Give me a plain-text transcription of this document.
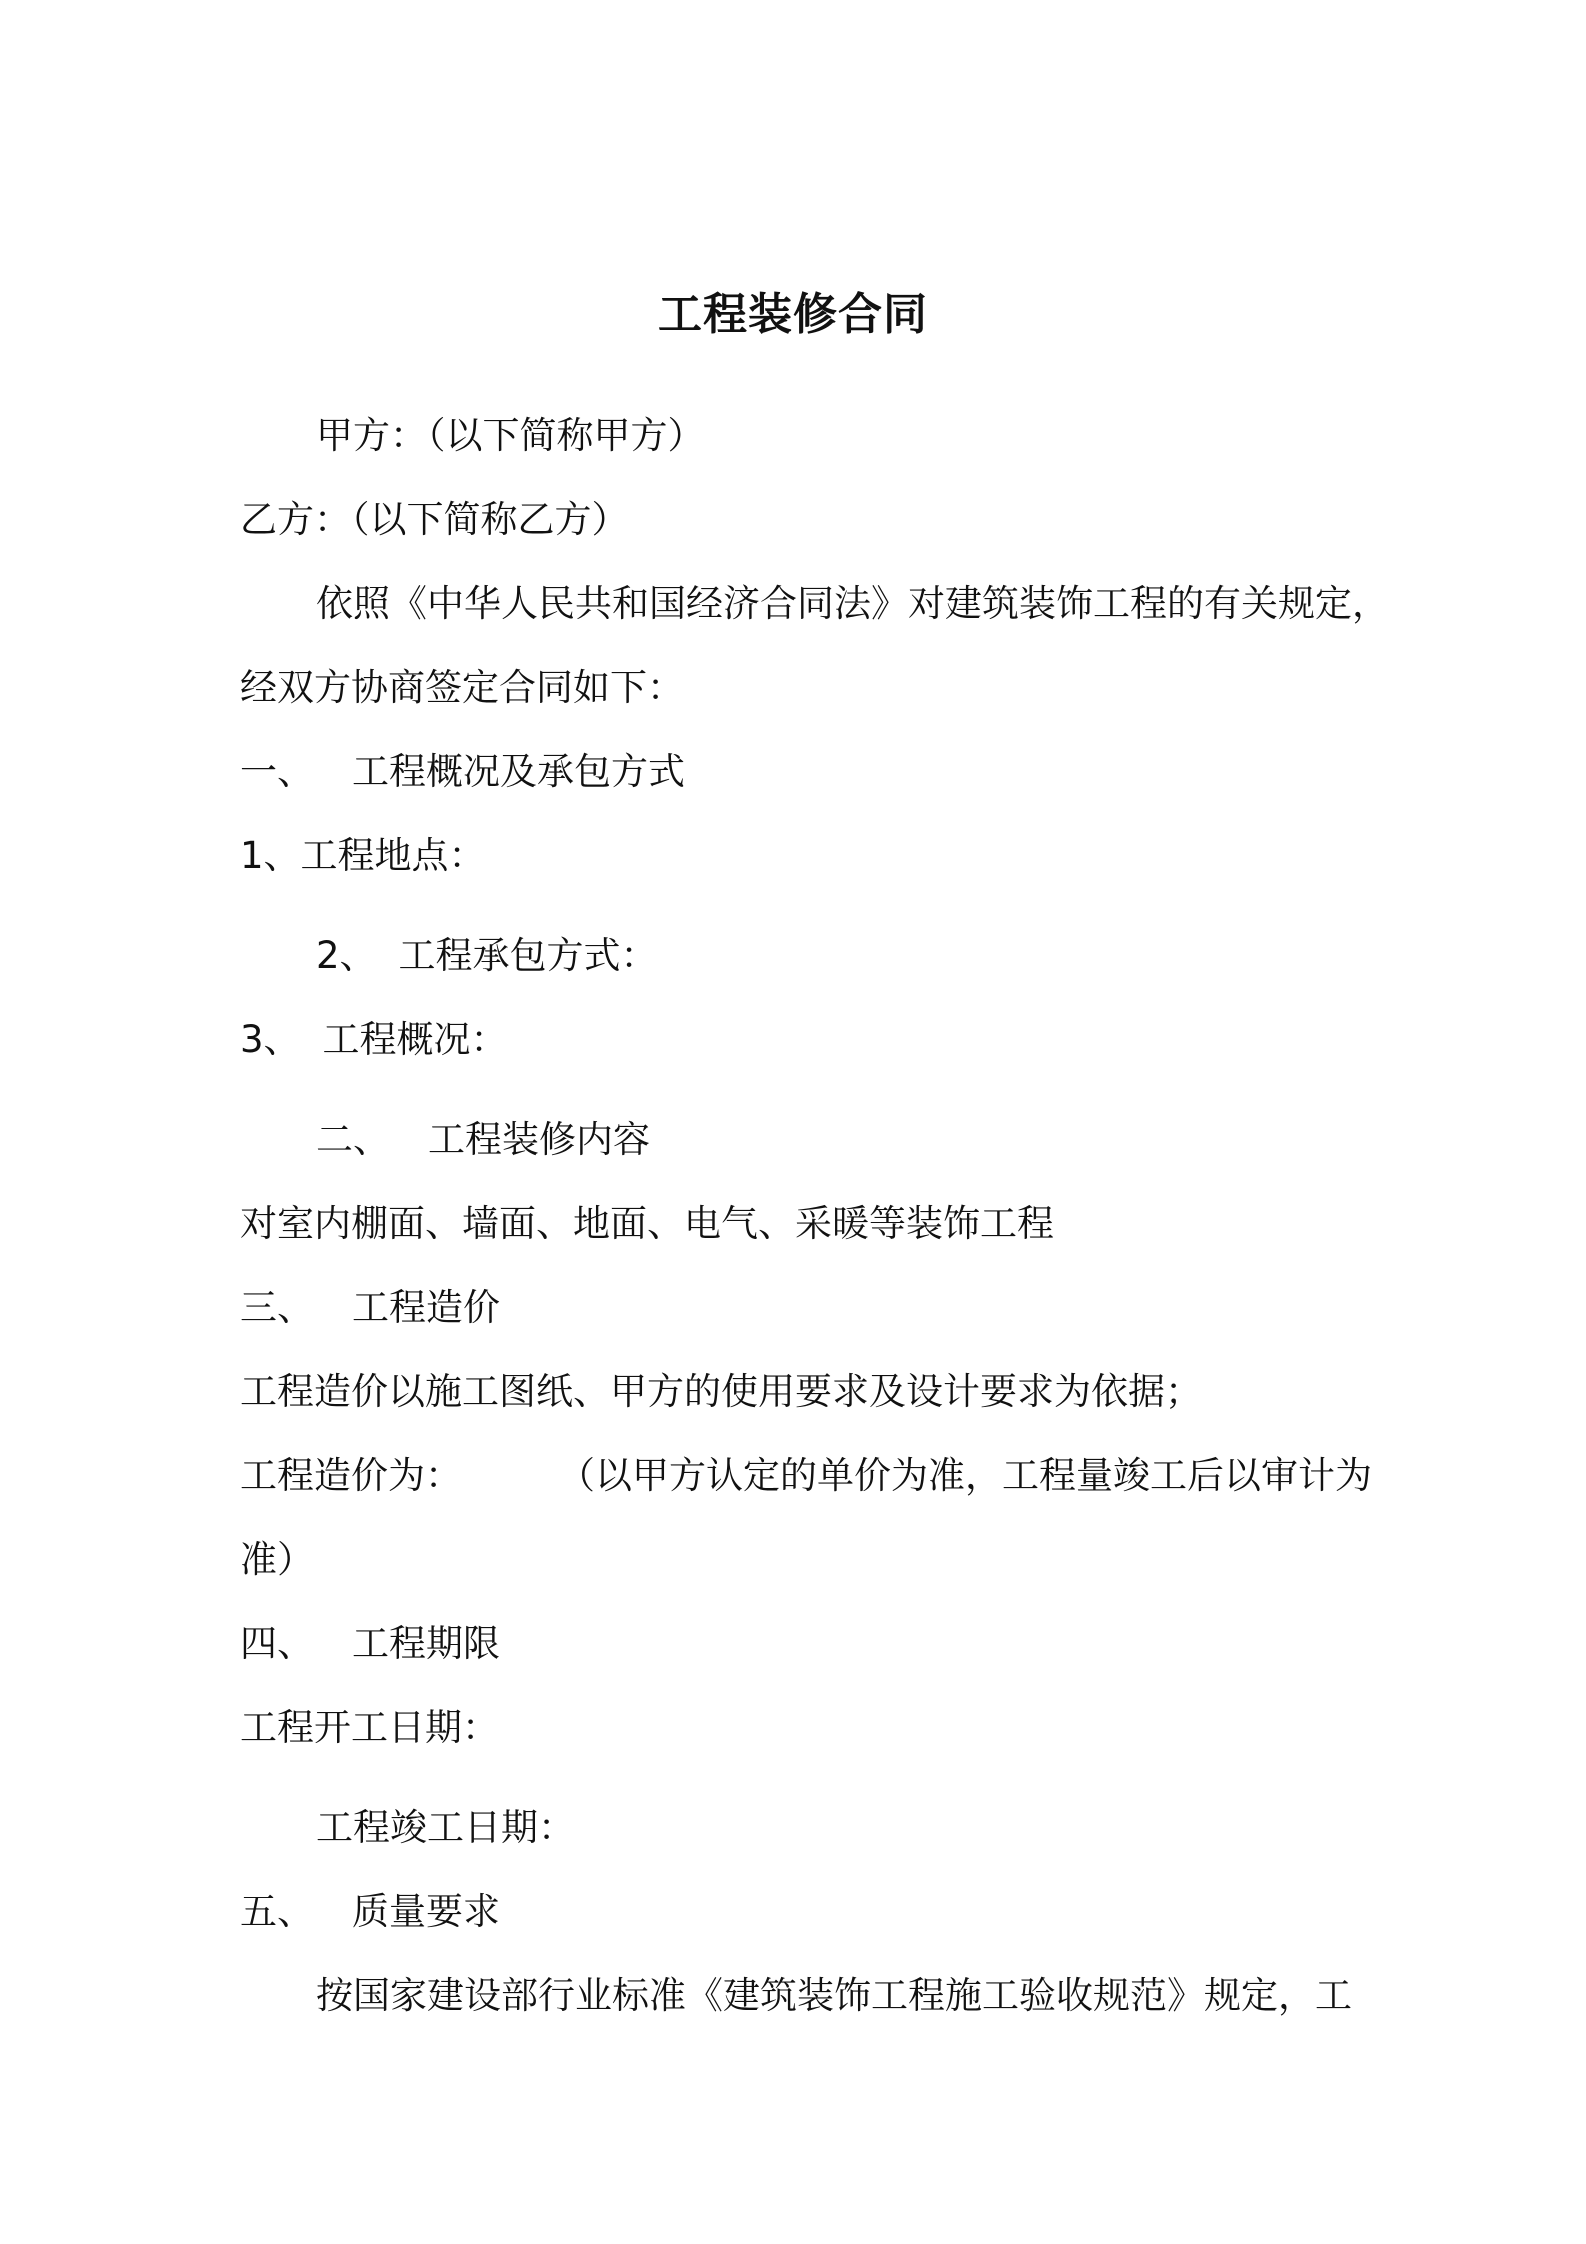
工程装修合同
甲方：（以下简称甲方）
乙方：（以下简称乙方）
依照《中华人民共和国经济合同法》对建筑装饰工程的有关规定，
经双方协商签定合同如下：
一、 工程概况及承包方式
1、工程地点：
2、 工程承包方式：
3、 工程概况：
二、 工程装修内容
对室内棚面、墙面、地面、电气、采暖等装饰工程
三、 工程造价
工程造价以施工图纸、甲方的使用要求及设计要求为依据；
工程造价为：	（以甲方认定的单价为准，工程量竣工后以审计为
准）
四、 工程期限
工程开工日期：
工程竣工日期：
五、 质量要求
按国家建设部行业标准《建筑装饰工程施工验收规范》规定，工
